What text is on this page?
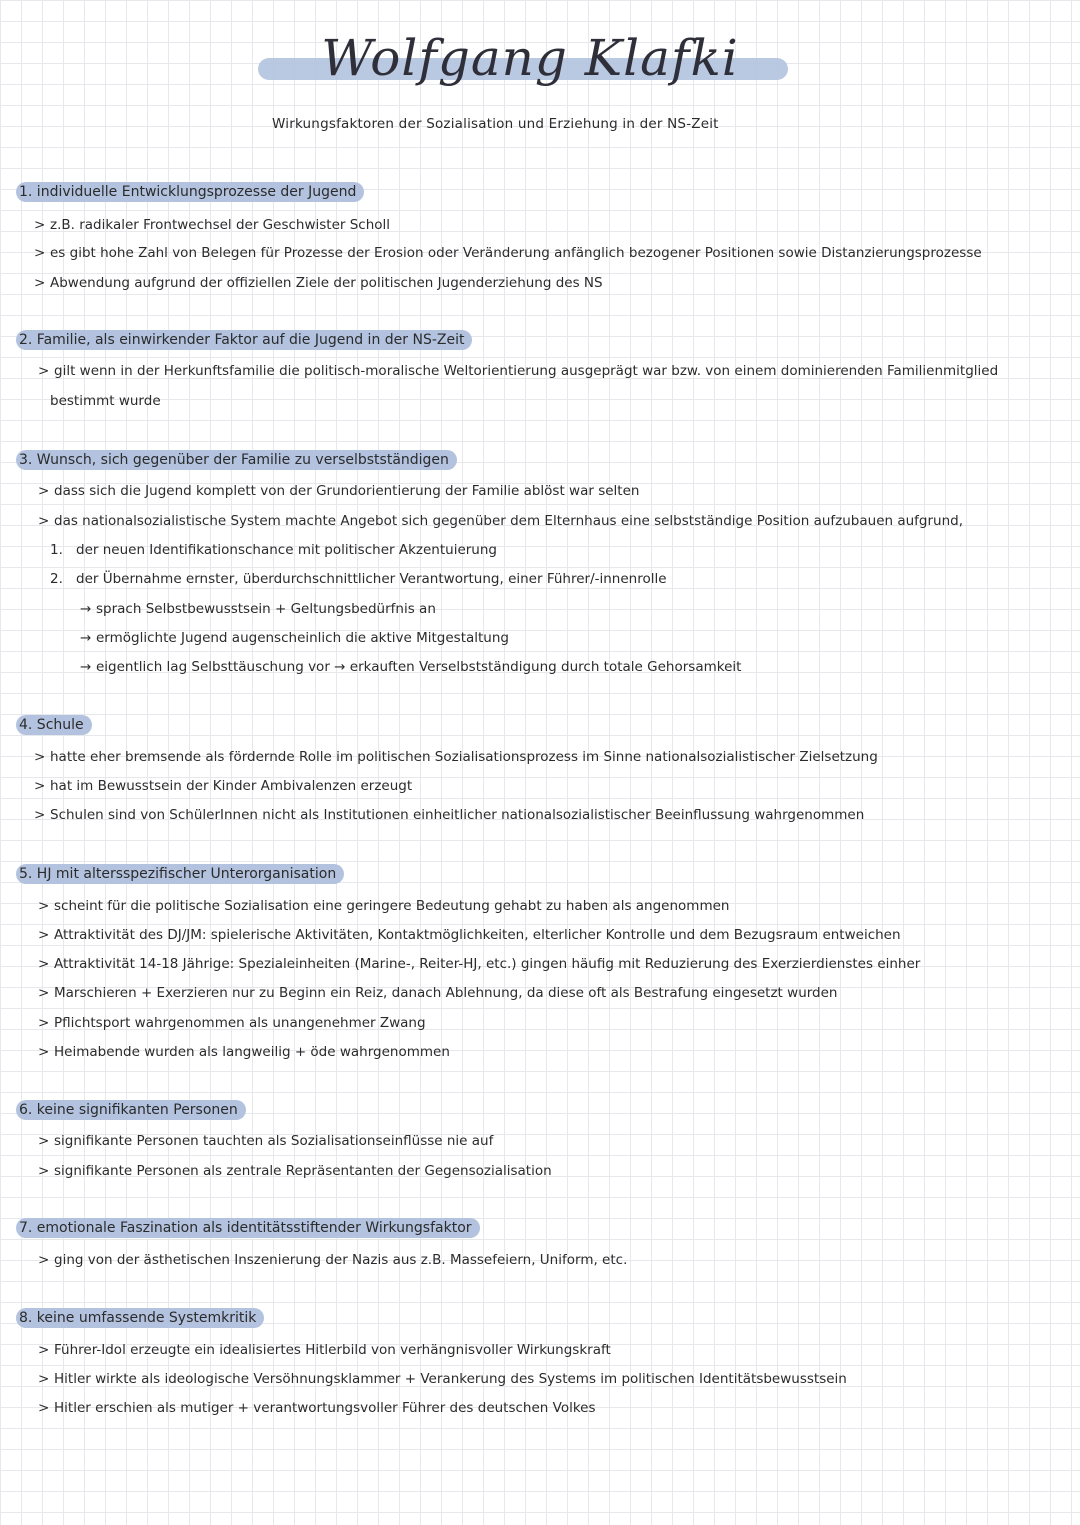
Wolfgang Klafki
Wirkungsfaktoren der Sozialisation und Erziehung in der NS-Zeit
1. individuelle Entwicklungsprozesse der Jugend
> z.B. radikaler Frontwechsel der Geschwister Scholl
> es gibt hohe Zahl von Belegen für Prozesse der Erosion oder Veränderung anfänglich bezogener Positionen sowie Distanzierungsprozesse
> Abwendung aufgrund der offiziellen Ziele der politischen Jugenderziehung des NS
2. Familie, als einwirkender Faktor auf die Jugend in der NS-Zeit
> gilt wenn in der Herkunftsfamilie die politisch-moralische Weltorientierung ausgeprägt war bzw. von einem dominierenden Familienmitglied
bestimmt wurde
3. Wunsch, sich gegenüber der Familie zu verselbstständigen
> dass sich die Jugend komplett von der Grundorientierung der Familie ablöst war selten
> das nationalsozialistische System machte Angebot sich gegenüber dem Elternhaus eine selbstständige Position aufzubauen aufgrund,
1. der neuen Identifikationschance mit politischer Akzentuierung
2. der Übernahme ernster, überdurchschnittlicher Verantwortung, einer Führer/-innenrolle
→ sprach Selbstbewusstsein + Geltungsbedürfnis an
→ ermöglichte Jugend augenscheinlich die aktive Mitgestaltung
→ eigentlich lag Selbsttäuschung vor → erkauften Verselbstständigung durch totale Gehorsamkeit
4. Schule
> hatte eher bremsende als fördernde Rolle im politischen Sozialisationsprozess im Sinne nationalsozialistischer Zielsetzung
> hat im Bewusstsein der Kinder Ambivalenzen erzeugt
> Schulen sind von SchülerInnen nicht als Institutionen einheitlicher nationalsozialistischer Beeinflussung wahrgenommen
5. HJ mit altersspezifischer Unterorganisation
> scheint für die politische Sozialisation eine geringere Bedeutung gehabt zu haben als angenommen
> Attraktivität des DJ/JM: spielerische Aktivitäten, Kontaktmöglichkeiten, elterlicher Kontrolle und dem Bezugsraum entweichen
> Attraktivität 14-18 Jährige: Spezialeinheiten (Marine-, Reiter-HJ, etc.) gingen häufig mit Reduzierung des Exerzierdienstes einher
> Marschieren + Exerzieren nur zu Beginn ein Reiz, danach Ablehnung, da diese oft als Bestrafung eingesetzt wurden
> Pflichtsport wahrgenommen als unangenehmer Zwang
> Heimabende wurden als langweilig + öde wahrgenommen
6. keine signifikanten Personen
> signifikante Personen tauchten als Sozialisationseinflüsse nie auf
> signifikante Personen als zentrale Repräsentanten der Gegensozialisation
7. emotionale Faszination als identitätsstiftender Wirkungsfaktor
> ging von der ästhetischen Inszenierung der Nazis aus z.B. Massefeiern, Uniform, etc.
8. keine umfassende Systemkritik
> Führer-Idol erzeugte ein idealisiertes Hitlerbild von verhängnisvoller Wirkungskraft
> Hitler wirkte als ideologische Versöhnungsklammer + Verankerung des Systems im politischen Identitätsbewusstsein
> Hitler erschien als mutiger + verantwortungsvoller Führer des deutschen Volkes
